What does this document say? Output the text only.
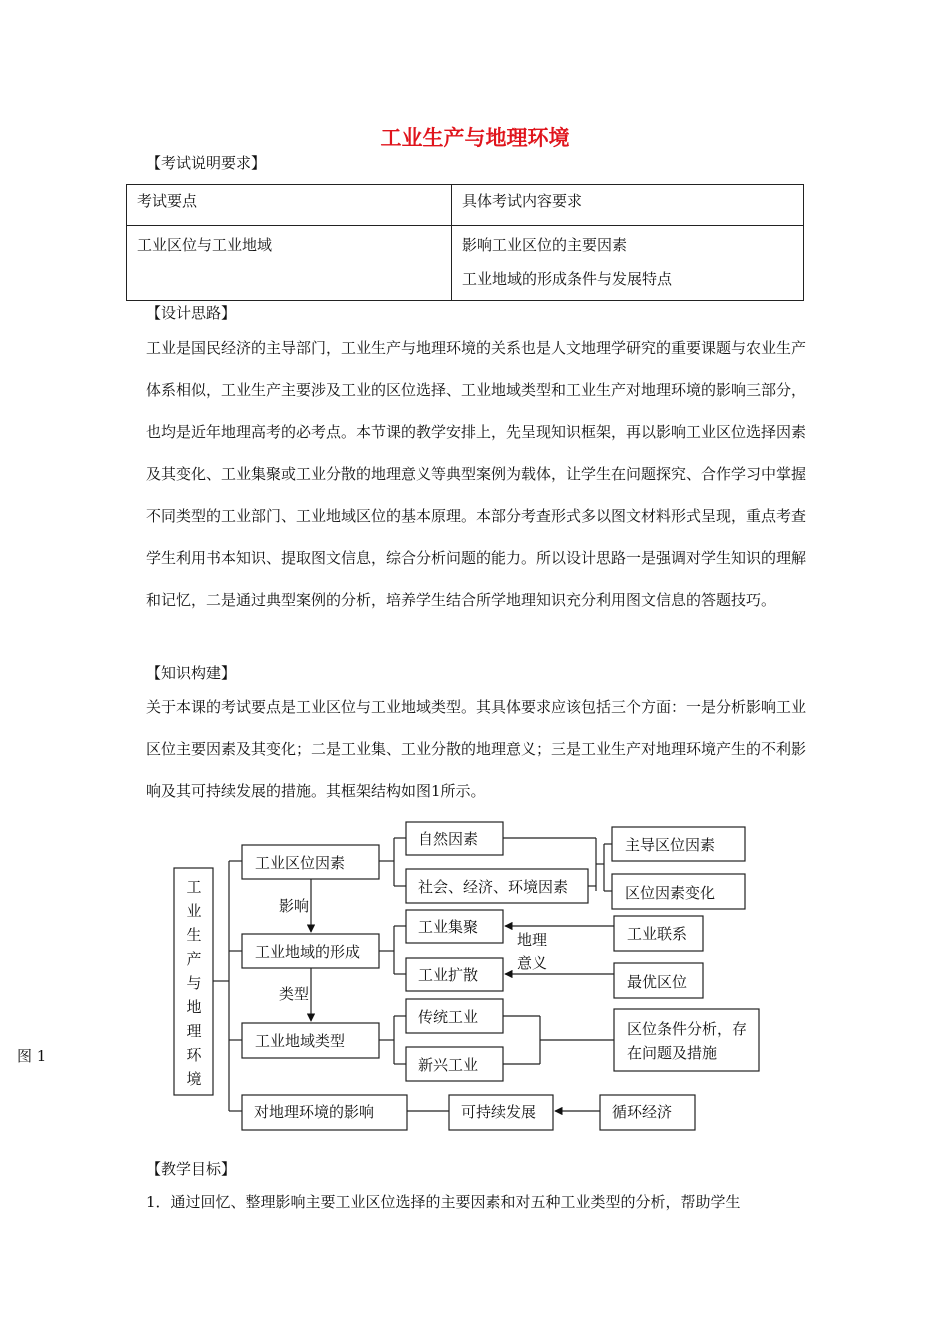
工业生产与地理环境
【考试说明要求】
考试要点	具体考试内容要求
工业区位与工业地域	影响工业区位的主要因素
工业地域的形成条件与发展特点
【设计思路】

工业是国民经济的主导部门，工业生产与地理环境的关系也是人文地理学研究的重要课题与农业生产体系相似，工业生产主要涉及工业的区位选择、工业地域类型和工业生产对地理环境的影响三部分，也均是近年地理高考的必考点。本节课的教学安排上，先呈现知识框架，再以影响工业区位选择因素及其变化、工业集聚或工业分散的地理意义等典型案例为载体，让学生在问题探究、合作学习中掌握不同类型的工业部门、工业地域区位的基本原理。本部分考查形式多以图文材料形式呈现，重点考查学生利用书本知识、提取图文信息，综合分析问题的能力。所以设计思路一是强调对学生知识的理解和记忆，二是通过典型案例的分析，培养学生结合所学地理知识充分利用图文信息的答题技巧。

【知识构建】

关于本课的考试要点是工业区位与工业地域类型。其具体要求应该包括三个方面：一是分析影响工业区位主要因素及其变化；二是工业集、工业分散的地理意义；三是工业生产对地理环境产生的不利影响及其可持续发展的措施。其框架结构如图1所示。

图 1
工
业
生
产
与
地
理
环
境
工业区位因素
工业地域的形成
工业地域类型
对地理环境的影响
影响
类型
自然因素
社会、经济、环境因素
主导区位因素
区位因素变化
工业集聚
工业扩散
地理
意义
工业联系
最优区位
传统工业
新兴工业
区位条件分析，存
在问题及措施
可持续发展	循环经济
【教学目标】

1．通过回忆、整理影响主要工业区位选择的主要因素和对五种工业类型的分析，帮助学生
